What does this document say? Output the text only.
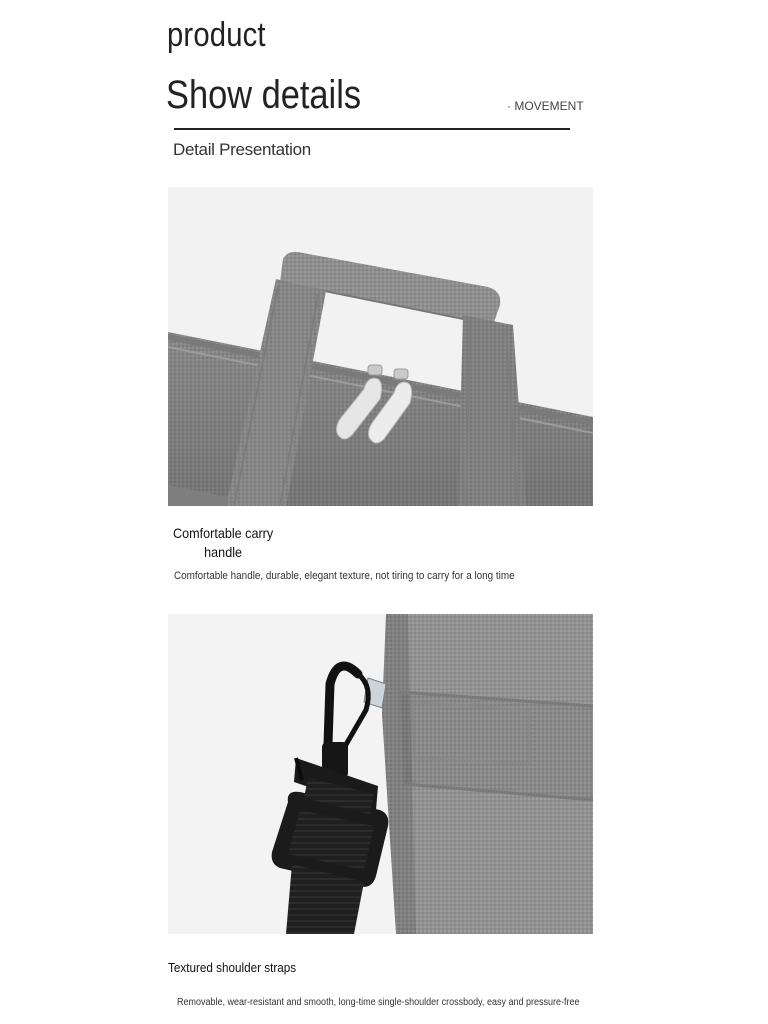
product
Show details	· MOVEMENT
Detail Presentation
Comfortable carry handle
Comfortable handle, durable, elegant texture, not tiring to carry for a long time
Textured shoulder straps
Removable, wear-resistant and smooth, long-time single-shoulder crossbody, easy and pressure-free
